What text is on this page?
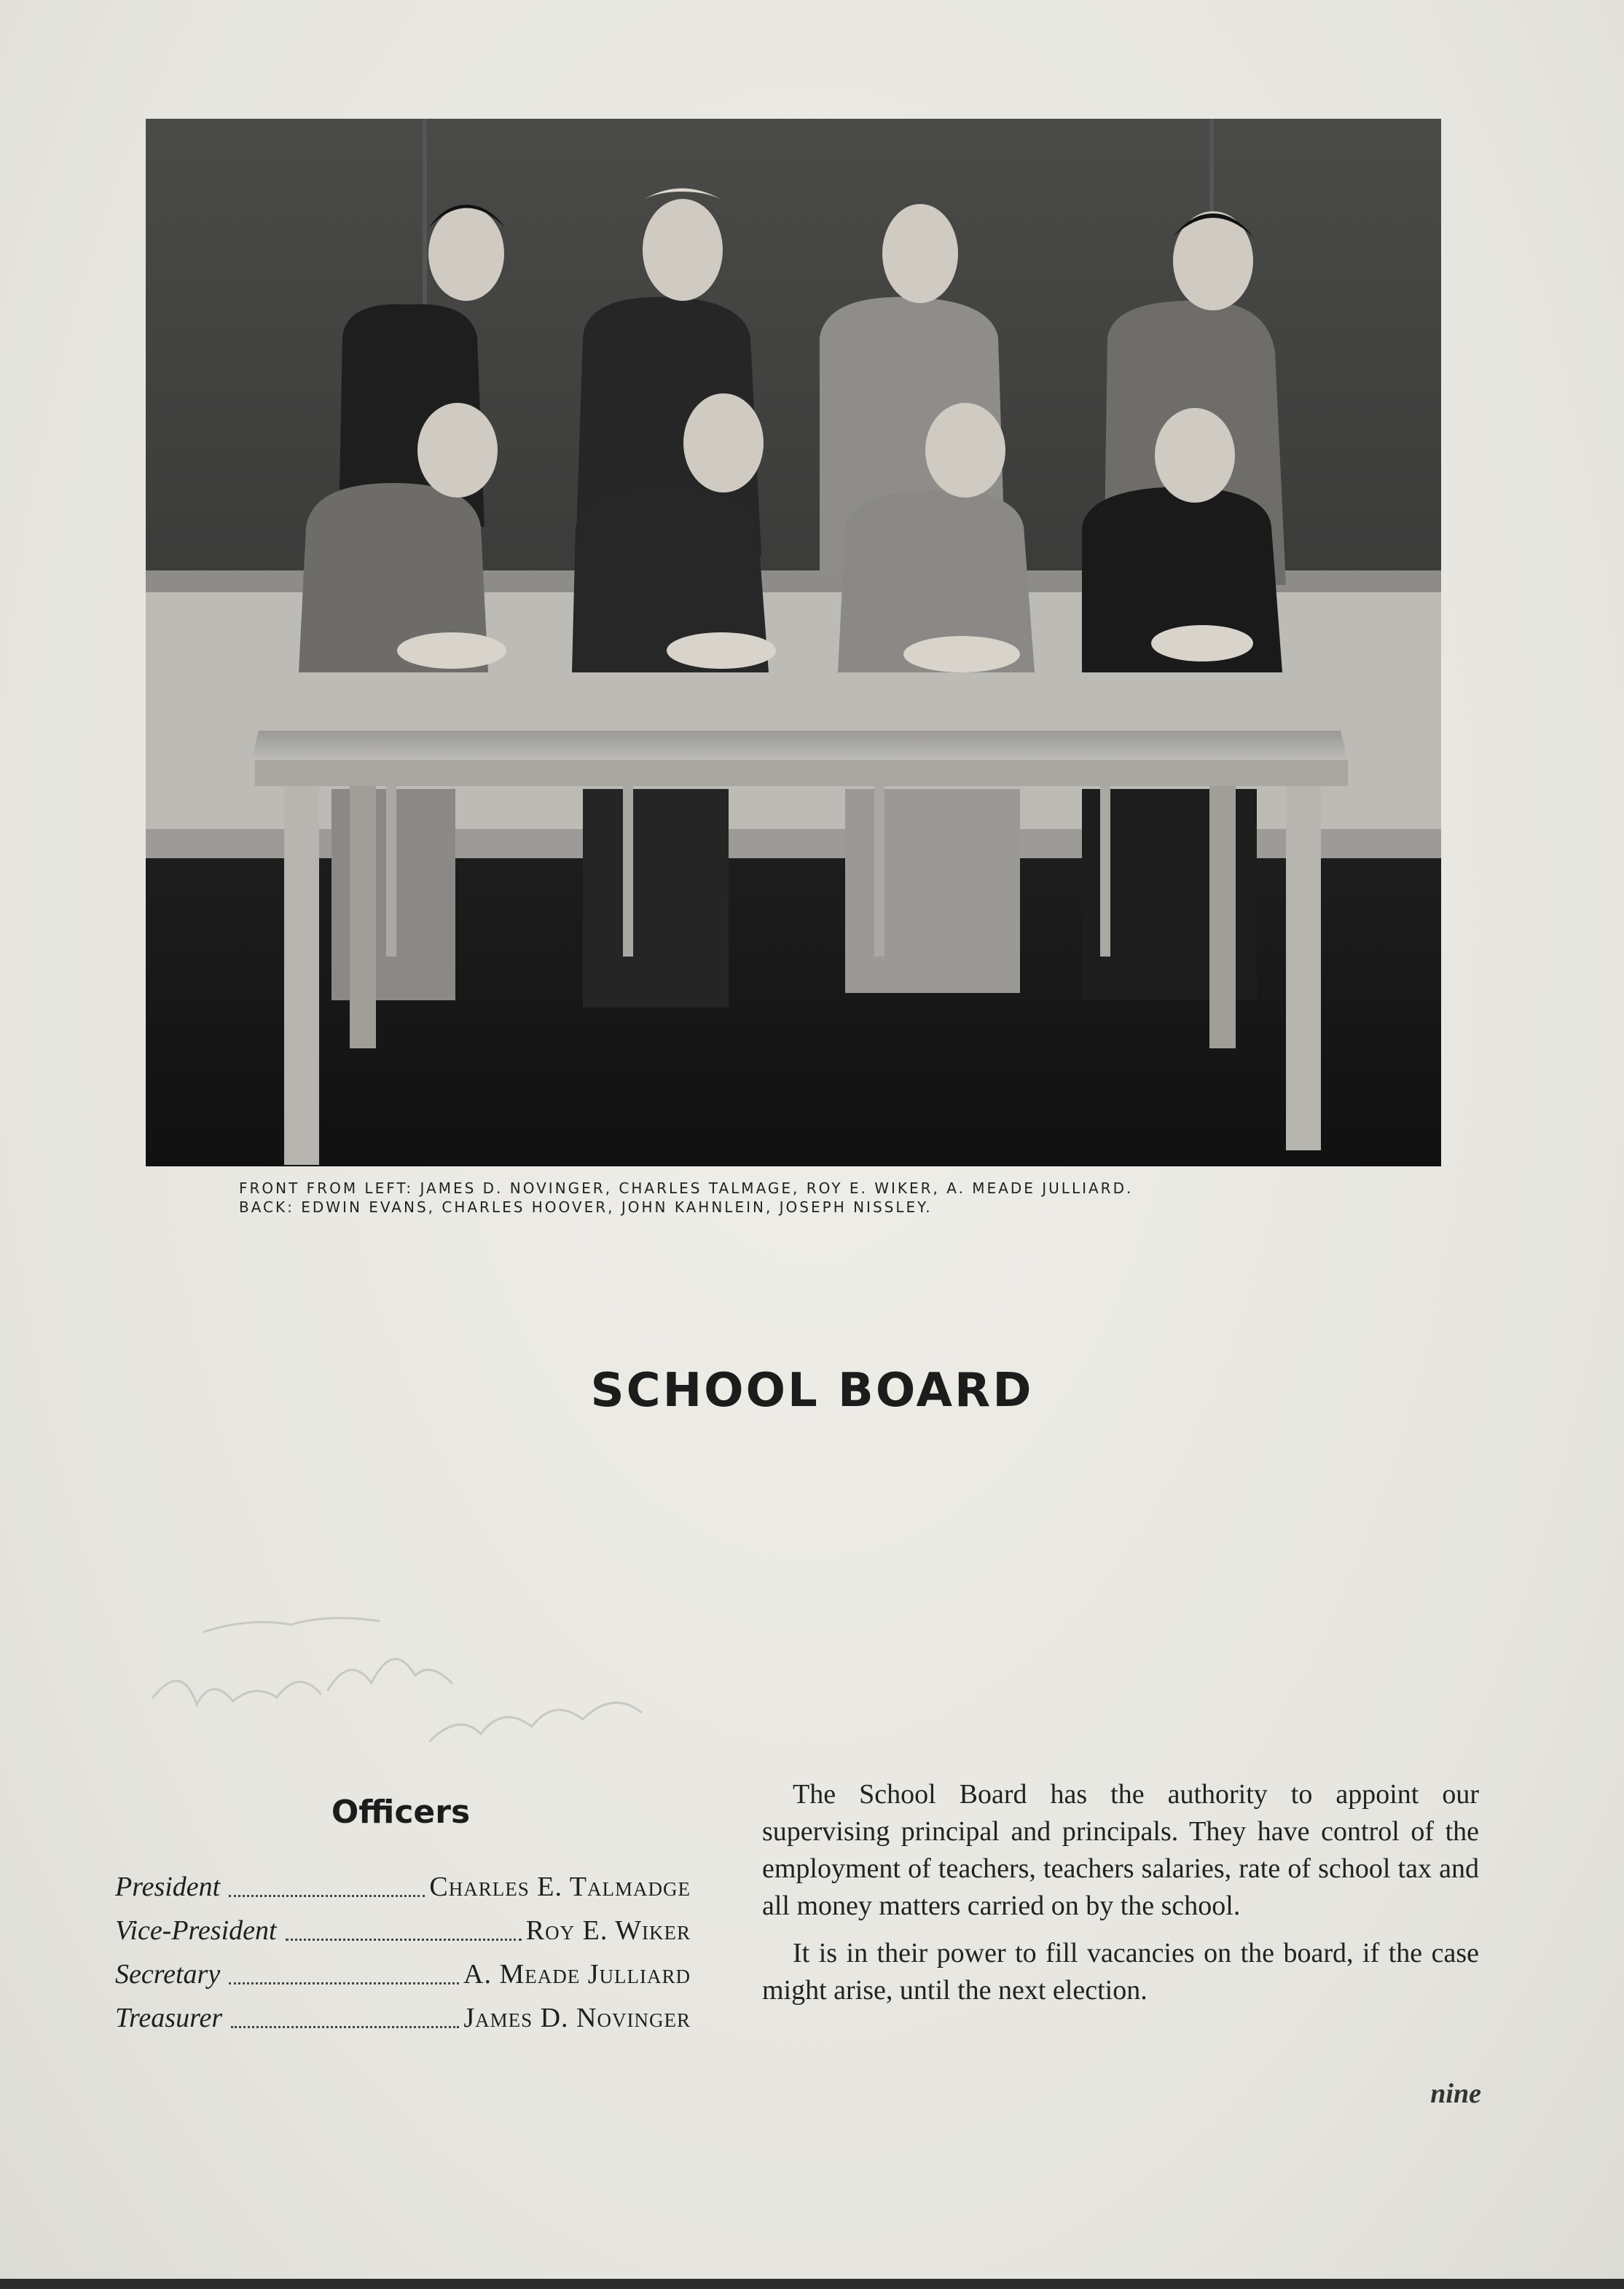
FRONT FROM LEFT: JAMES D. NOVINGER, CHARLES TALMAGE, ROY E. WIKER, A. MEADE JULLIARD.
BACK: EDWIN EVANS, CHARLES HOOVER, JOHN KAHNLEIN, JOSEPH NISSLEY.
SCHOOL BOARD
Officers
President	Charles E. Talmadge
Vice-President	Roy E. Wiker
Secretary	A. Meade Julliard
Treasurer	James D. Novinger

The School Board has the authority to appoint our supervising principal and principals. They have control of the employment of teachers, teachers salaries, rate of school tax and all money matters carried on by the school.

It is in their power to fill vacancies on the board, if the case might arise, until the next election.

nine
